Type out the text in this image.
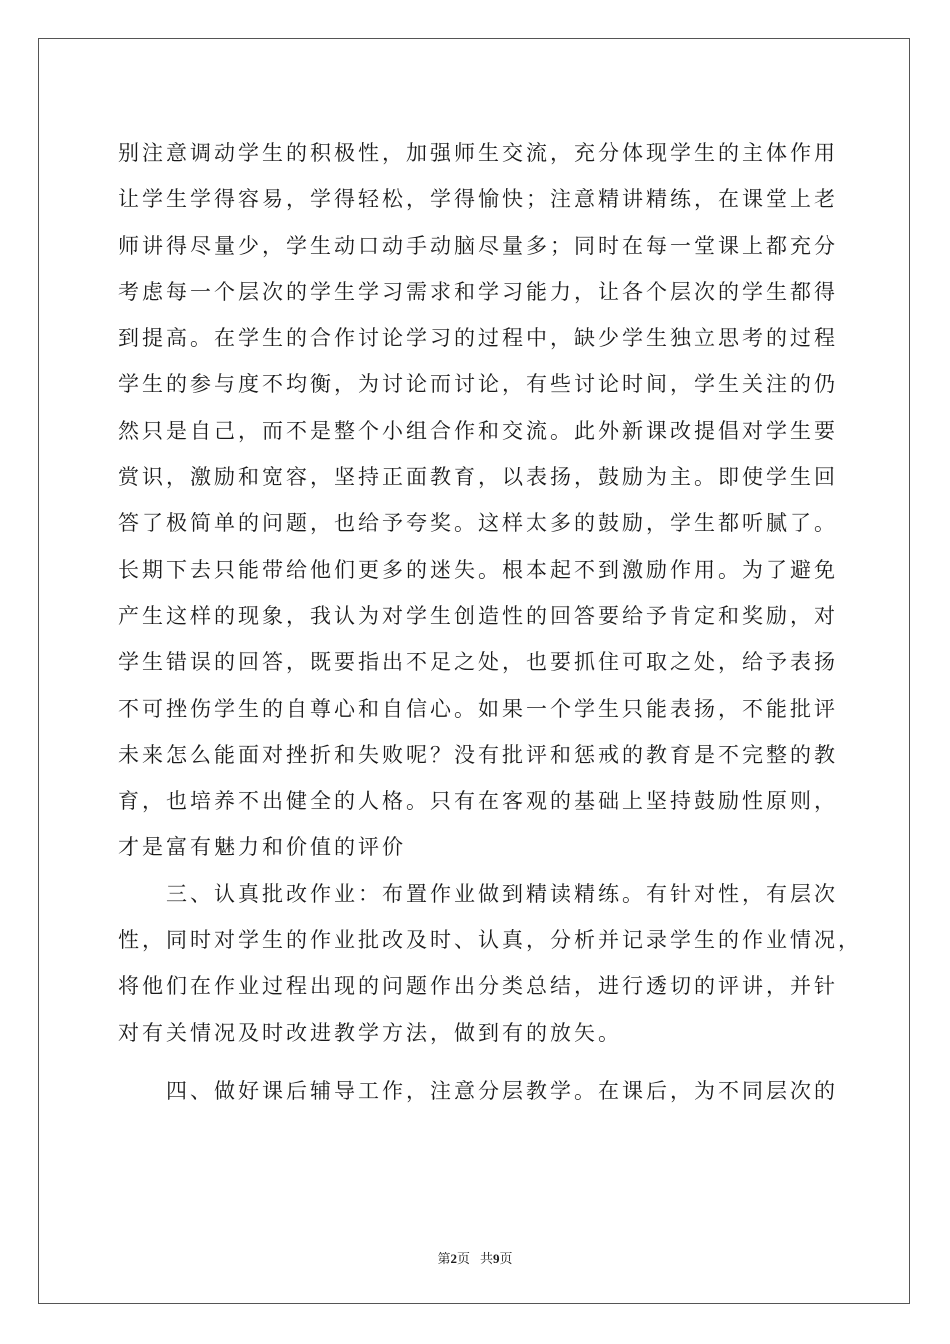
别注意调动学生的积极性，加强师生交流，充分体现学生的主体作用

让学生学得容易，学得轻松，学得愉快；注意精讲精练，在课堂上老

师讲得尽量少，学生动口动手动脑尽量多；同时在每一堂课上都充分

考虑每一个层次的学生学习需求和学习能力，让各个层次的学生都得

到提高。在学生的合作讨论学习的过程中，缺少学生独立思考的过程

学生的参与度不均衡，为讨论而讨论，有些讨论时间，学生关注的仍

然只是自己，而不是整个小组合作和交流。此外新课改提倡对学生要

赏识，激励和宽容，坚持正面教育，以表扬，鼓励为主。即使学生回

答了极简单的问题，也给予夸奖。这样太多的鼓励，学生都听腻了。

长期下去只能带给他们更多的迷失。根本起不到激励作用。为了避免

产生这样的现象，我认为对学生创造性的回答要给予肯定和奖励，对

学生错误的回答，既要指出不足之处，也要抓住可取之处，给予表扬

不可挫伤学生的自尊心和自信心。如果一个学生只能表扬，不能批评

未来怎么能面对挫折和失败呢？没有批评和惩戒的教育是不完整的教

育，也培养不出健全的人格。只有在客观的基础上坚持鼓励性原则，

才是富有魅力和价值的评价

三、认真批改作业：布置作业做到精读精练。有针对性，有层次

性，同时对学生的作业批改及时、认真，分析并记录学生的作业情况，

将他们在作业过程出现的问题作出分类总结，进行透切的评讲，并针

对有关情况及时改进教学方法，做到有的放矢。

四、做好课后辅导工作，注意分层教学。在课后，为不同层次的

第2页 共9页
